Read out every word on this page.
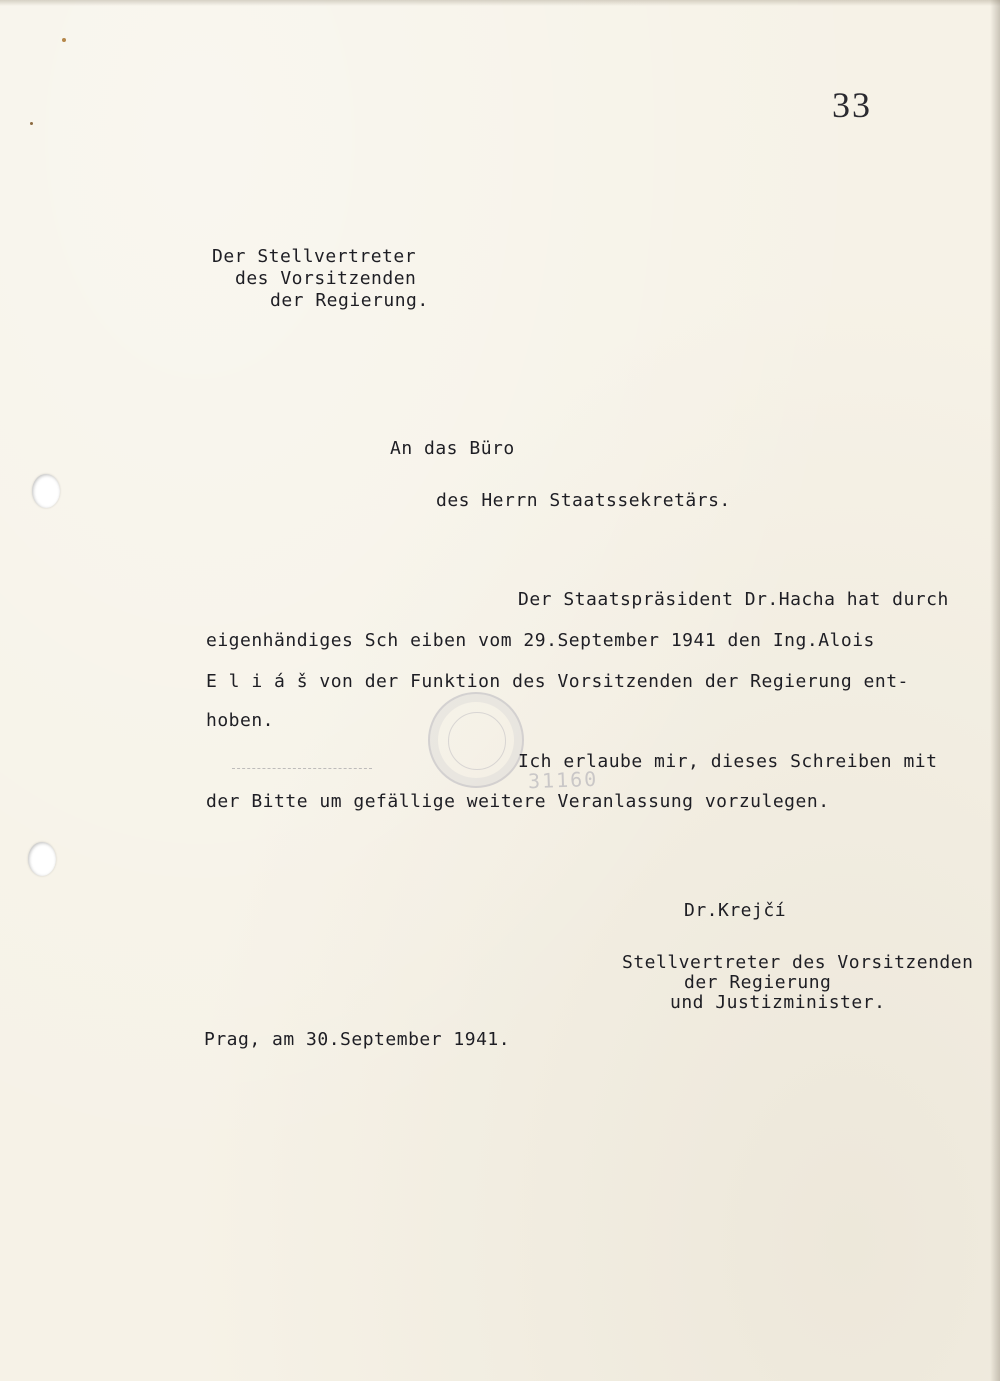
33
Der Stellvertreter
des Vorsitzenden
der Regierung.
An das Büro
des Herrn Staatssekretärs.
31160
Der Staatspräsident Dr.Hacha hat durch
eigenhändiges Sch eiben vom 29.September 1941 den Ing.Alois
E l i á š von der Funktion des Vorsitzenden der Regierung ent-
hoben.
Ich erlaube mir, dieses Schreiben mit
der Bitte um gefällige weitere Veranlassung vorzulegen.
Dr.Krejčí
Stellvertreter des Vorsitzenden
der Regierung
und Justizminister.
Prag, am 30.September 1941.
